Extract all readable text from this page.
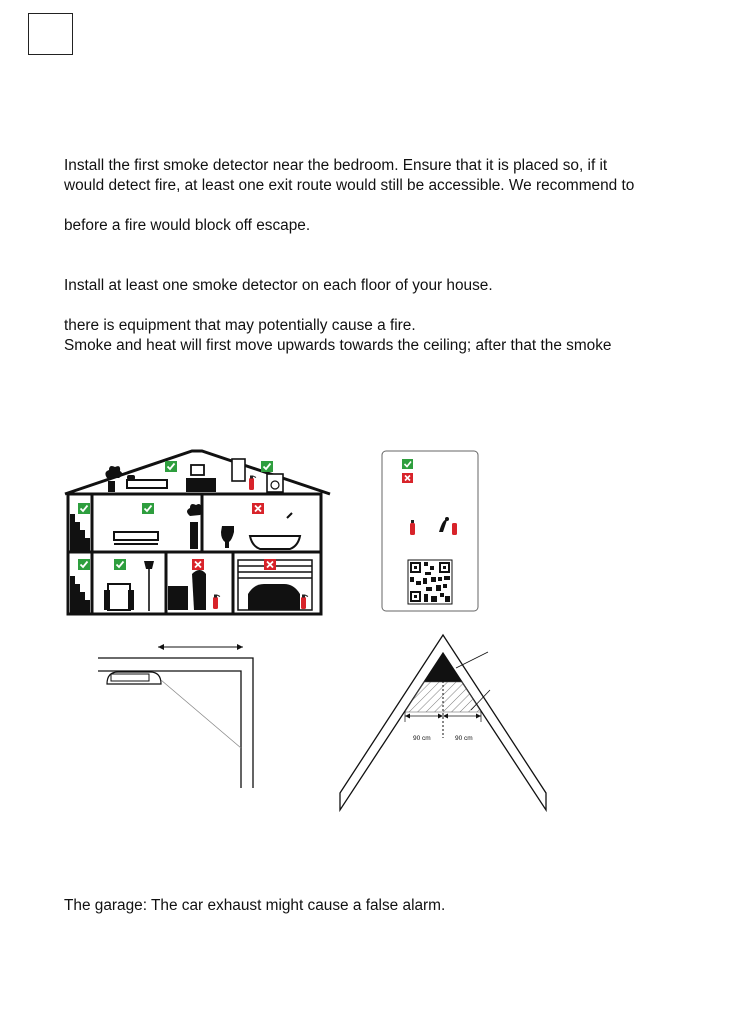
Install the first smoke detector near the bedroom. Ensure that it is placed so, if it

would detect fire, at least one exit route would still be accessible. We recommend to

before a fire would block off escape.

Install at least one smoke detector on each floor of your house.

there is equipment that may potentially cause a fire.

Smoke and heat will first move upwards towards the ceiling; after that the smoke

The garage: The car exhaust might cause a false alarm.

90 cm	90 cm
